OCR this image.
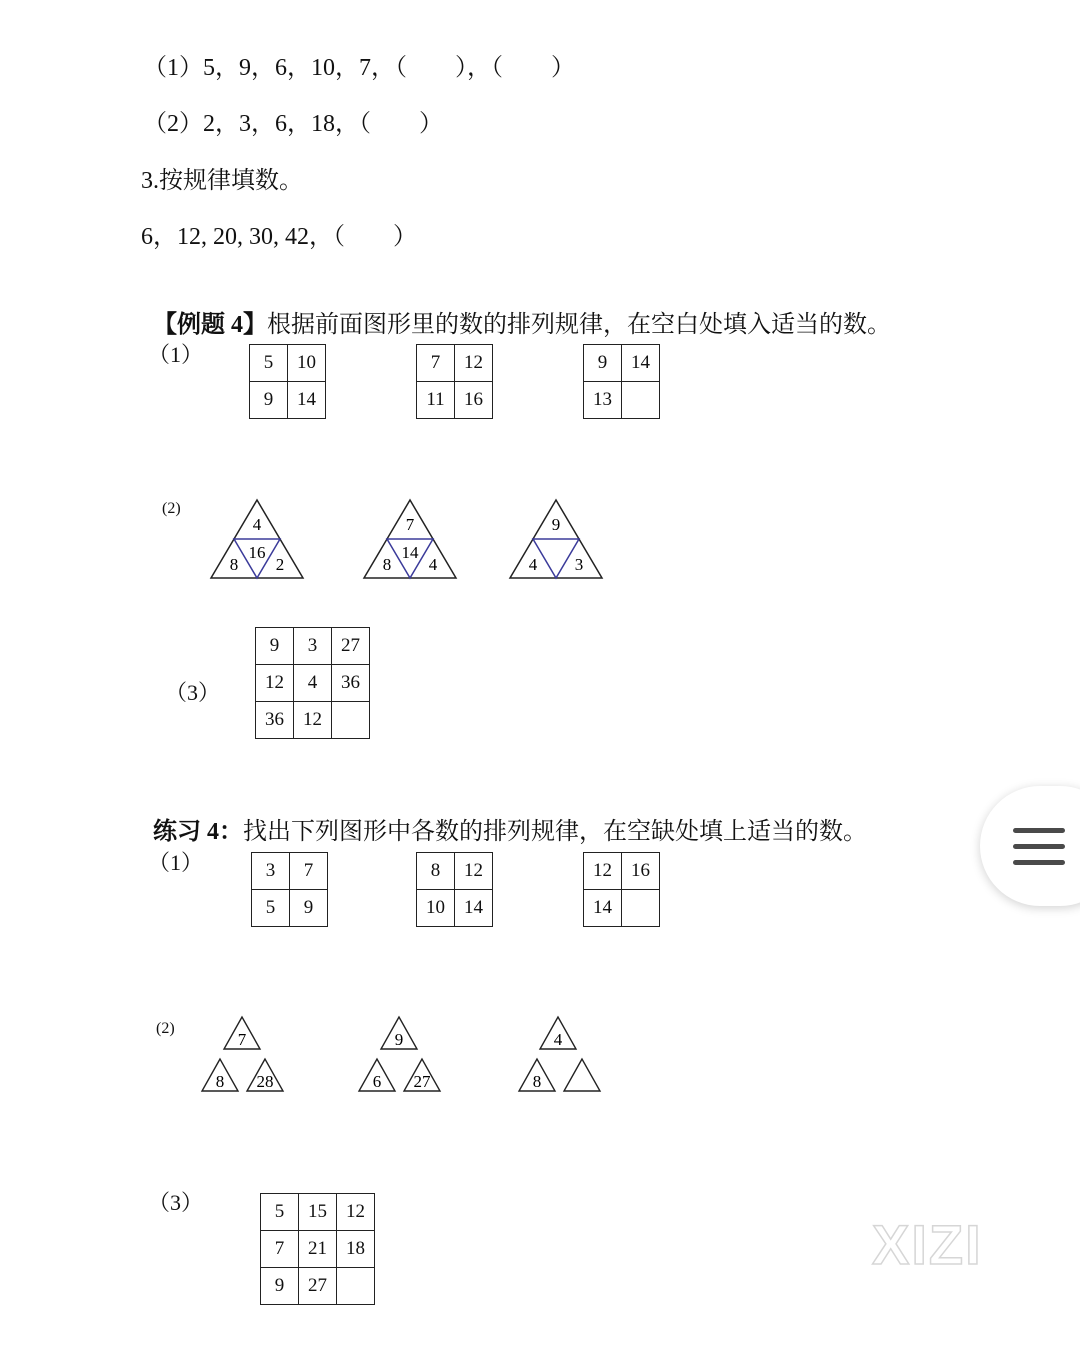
（1）5，9，6，10，7，（　　），（　　）
（2）2，3，6，18，（　　）
3.按规律填数。
6，12, 20, 30, 42，（　　）

【例题 4】根据前面图形里的数的排列规律，在空白处填入适当的数。

（1）	5	10
9	14
7	12
11	16
9	14
13	
(2)
4
16
8 2
7
14
8 4
9
4 3
7
8 28
9
6 27
4
8
（3）
9	3	27
12	4	36
36	12	

练习 4：找出下列图形中各数的排列规律，在空缺处填上适当的数。

（1）	3	7
5	9
8	12
10	14
12	16
14	
(2)
（3）	5	15	12
7	21	18
9	27	
XIZI
